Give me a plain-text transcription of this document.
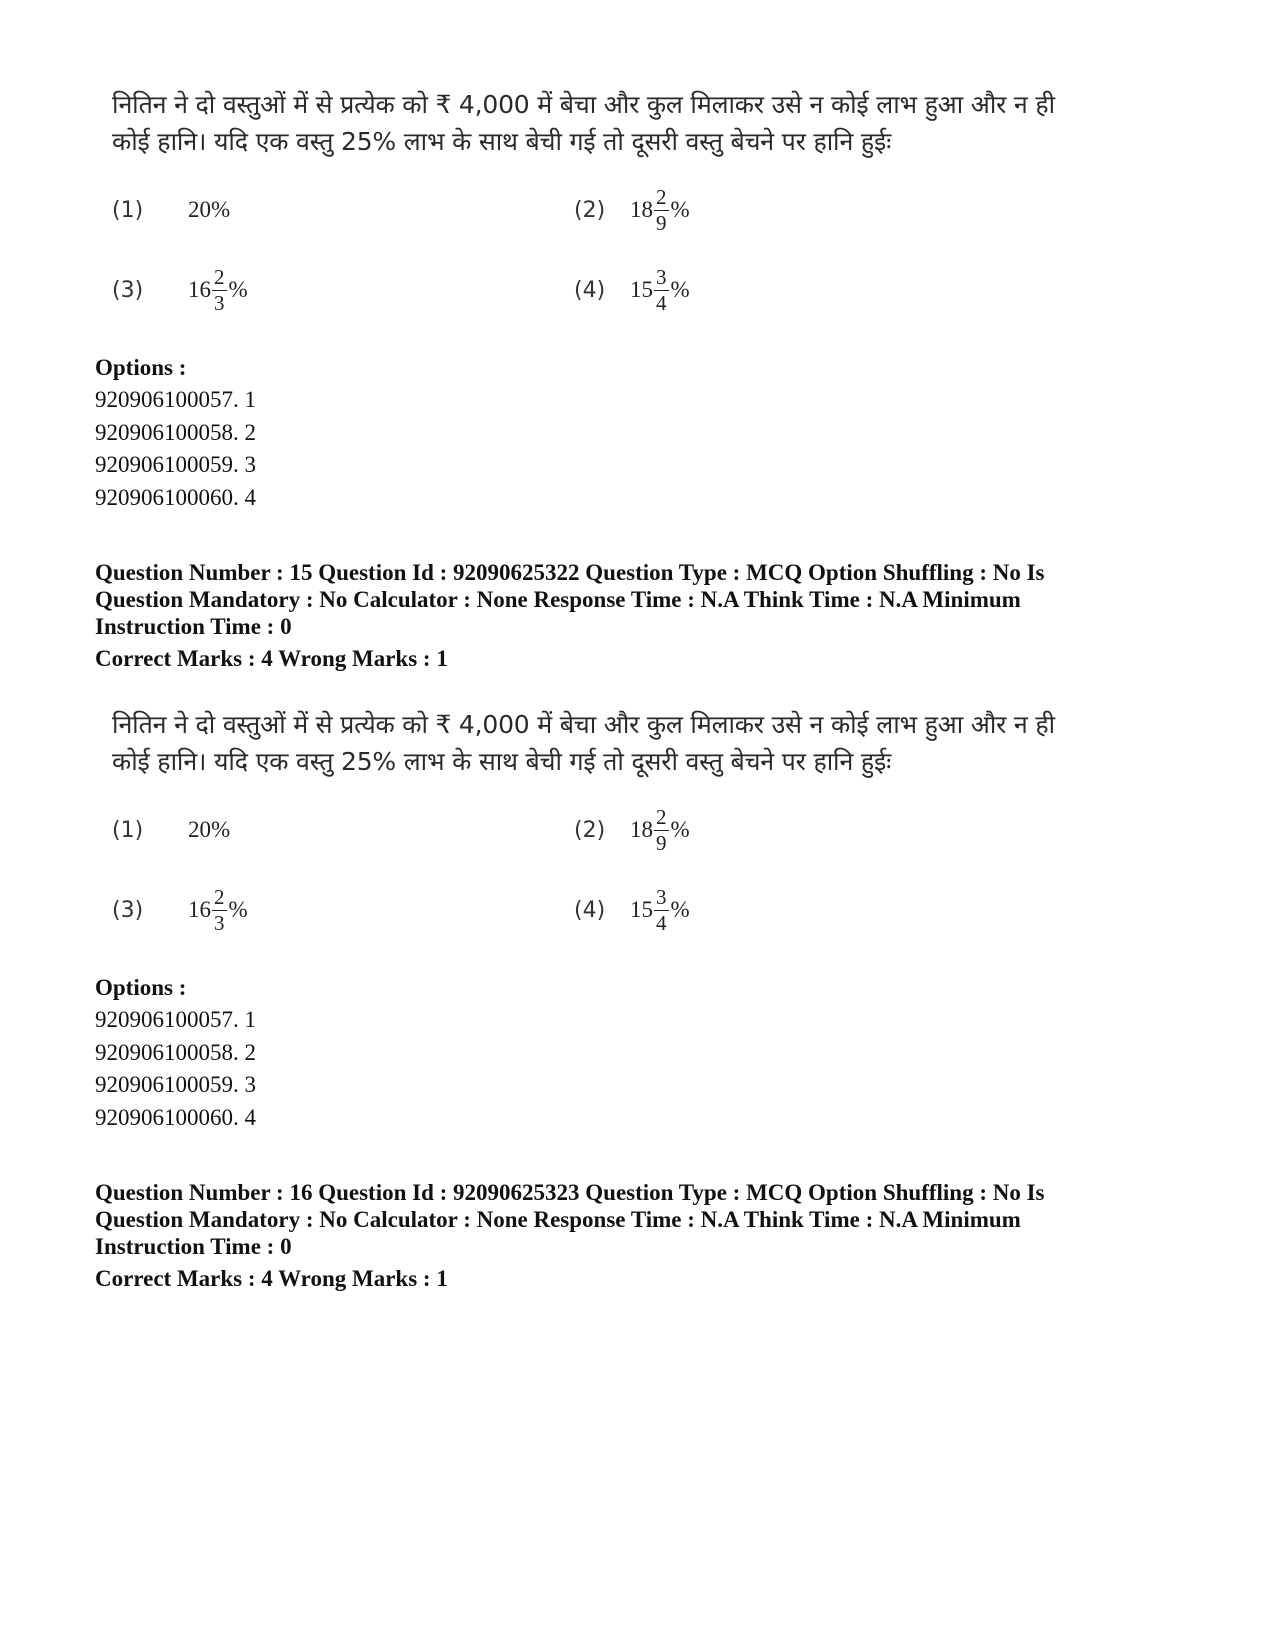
नितिन ने दो वस्तुओं में से प्रत्येक को ₹ 4,000 में बेचा और कुल मिलाकर उसे न कोई लाभ हुआ और न ही
कोई हानि। यदि एक वस्तु 25% लाभ के साथ बेची गई तो दूसरी वस्तु बेचने पर हानि हुईः
(1)	20%	(2)	$18 \frac{2}{9}$ %
(3)	$16 \frac{2}{3}$ %	(4)	$15 \frac{3}{4}$ %
Options :
920906100057. 1
920906100058. 2
920906100059. 3
920906100060. 4
Question Number : 15 Question Id : 92090625322 Question Type : MCQ Option Shuffling : No Is
Question Mandatory : No Calculator : None Response Time : N.A Think Time : N.A Minimum
Instruction Time : 0
Correct Marks : 4 Wrong Marks : 1
नितिन ने दो वस्तुओं में से प्रत्येक को ₹ 4,000 में बेचा और कुल मिलाकर उसे न कोई लाभ हुआ और न ही
कोई हानि। यदि एक वस्तु 25% लाभ के साथ बेची गई तो दूसरी वस्तु बेचने पर हानि हुईः
(1)	20%	(2)	$18 \frac{2}{9}$ %
(3)	$16 \frac{2}{3}$ %	(4)	$15 \frac{3}{4}$ %
Options :
920906100057. 1
920906100058. 2
920906100059. 3
920906100060. 4
Question Number : 16 Question Id : 92090625323 Question Type : MCQ Option Shuffling : No Is
Question Mandatory : No Calculator : None Response Time : N.A Think Time : N.A Minimum
Instruction Time : 0
Correct Marks : 4 Wrong Marks : 1
